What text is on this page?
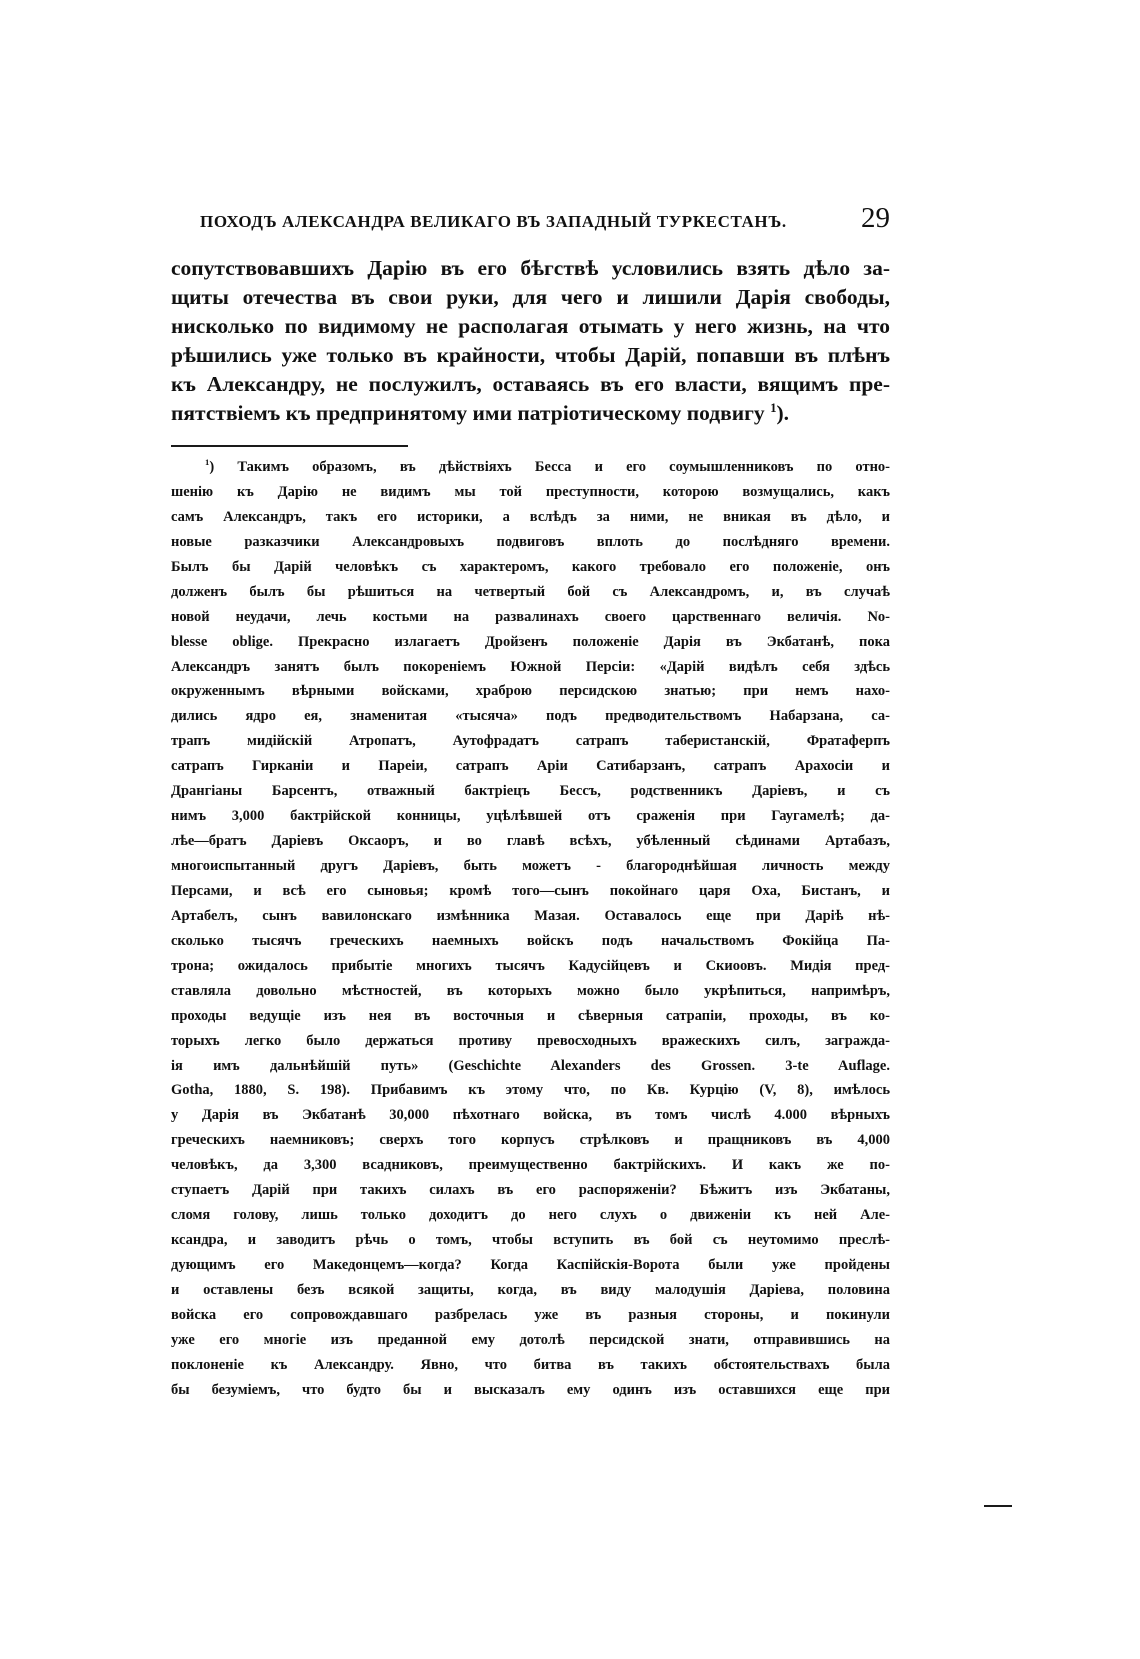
ПОХОДЪ АЛЕКСАНДРА ВЕЛИКАГО ВЪ ЗАПАДНЫЙ ТУРКЕСТАНЪ.	29
сопутствовавшихъ Дарію въ его бѣгствѣ условились взять дѣло за-
щиты отечества въ свои руки, для чего и лишили Дарія свободы,
нисколько по видимому не располагая отымать у него жизнь, на что
рѣшились уже только въ крайности, чтобы Дарій, попавши въ плѣнъ
къ Александру, не послужилъ, оставаясь въ его власти, вящимъ пре-
пятствіемъ къ предпринятому ими патріотическому подвигу $^1$).
$^1$) Такимъ образомъ, въ дѣйствіяхъ Бесса и его соумышленниковъ по отно-
шенію къ Дарію не видимъ мы той преступности, которою возмущались, какъ
самъ Александръ, такъ его историки, а вслѣдъ за ними, не вникая въ дѣло, и
новые разказчики Александровыхъ подвиговъ вплоть до послѣдняго времени.
Былъ бы Дарій человѣкъ съ характеромъ, какого требовало его положеніе, онъ
долженъ былъ бы рѣшиться на четвертый бой съ Александромъ, и, въ случаѣ
новой неудачи, лечь костьми на развалинахъ своего царственнаго величія. No-
blesse oblige. Прекрасно излагаетъ Дройзенъ положеніе Дарія въ Экбатанѣ, пока
Александръ занятъ былъ покореніемъ Южной Персіи: «Дарій видѣлъ себя здѣсь
окруженнымъ вѣрными войсками, храброю персидскою знатью; при немъ нахо-
дились ядро ея, знаменитая «тысяча» подъ предводительствомъ Набарзана, са-
трапъ мидійскій Атропатъ, Аутофрадатъ сатрапъ таберистанскій, Фратаферпъ
сатрапъ Гирканіи и Пареіи, сатрапъ Аріи Сатибарзанъ, сатрапъ Арахосіи и
Дрангіаны Барсентъ, отважный бактріецъ Бессъ, родственникъ Даріевъ, и съ
нимъ 3,000 бактрійской конницы, уцѣлѣвшей отъ сраженія при Гаугамелѣ; да-
лѣе—братъ Даріевъ Оксаоръ, и во главѣ всѣхъ, убѣленный сѣдинами Артабазъ,
многоиспытанный другъ Даріевъ, быть можетъ - благороднѣйшая личность между
Персами, и всѣ его сыновья; кромѣ того—сынъ покойнаго царя Оха, Бистанъ, и
Артабелъ, сынъ вавилонскаго измѣнника Мазая. Оставалось еще при Даріѣ нѣ-
сколько тысячъ греческихъ наемныхъ войскъ подъ начальствомъ Фокійца Па-
трона; ожидалось прибытіе многихъ тысячъ Кадусійцевъ и Скиоовъ. Мидія пред-
ставляла довольно мѣстностей, въ которыхъ можно было укрѣпиться, напримѣръ,
проходы ведущіе изъ нея въ восточныя и сѣверныя сатрапіи, проходы, въ ко-
торыхъ легко было держаться противу превосходныхъ вражескихъ силъ, загражда-
ія имъ дальнѣйшій путь» (Geschichte Alexanders des Grossen. 3-te Auflage.
Gotha, 1880, S. 198). Прибавимъ къ этому что, по Кв. Курцію (V, 8), имѣлось
у Дарія въ Экбатанѣ 30,000 пѣхотнаго войска, въ томъ числѣ 4.000 вѣрныхъ
греческихъ наемниковъ; сверхъ того корпусъ стрѣлковъ и пращниковъ въ 4,000
человѣкъ, да 3,300 всадниковъ, преимущественно бактрійскихъ. И какъ же по-
ступаетъ Дарій при такихъ силахъ въ его распоряженіи? Бѣжитъ изъ Экбатаны,
сломя голову, лишь только доходитъ до него слухъ о движеніи къ ней Але-
ксандра, и заводитъ рѣчь о томъ, чтобы вступить въ бой съ неутомимо преслѣ-
дующимъ его Македонцемъ—когда? Когда Каспійскія-Ворота были уже пройдены
и оставлены безъ всякой защиты, когда, въ виду малодушія Даріева, половина
войска его сопровождавшаго разбрелась уже въ разныя стороны, и покинули
уже его многіе изъ преданной ему дотолѣ персидской знати, отправившись на
поклоненіе къ Александру. Явно, что битва въ такихъ обстоятельствахъ была
бы безуміемъ, что будто бы и высказалъ ему одинъ изъ оставшихся еще при
